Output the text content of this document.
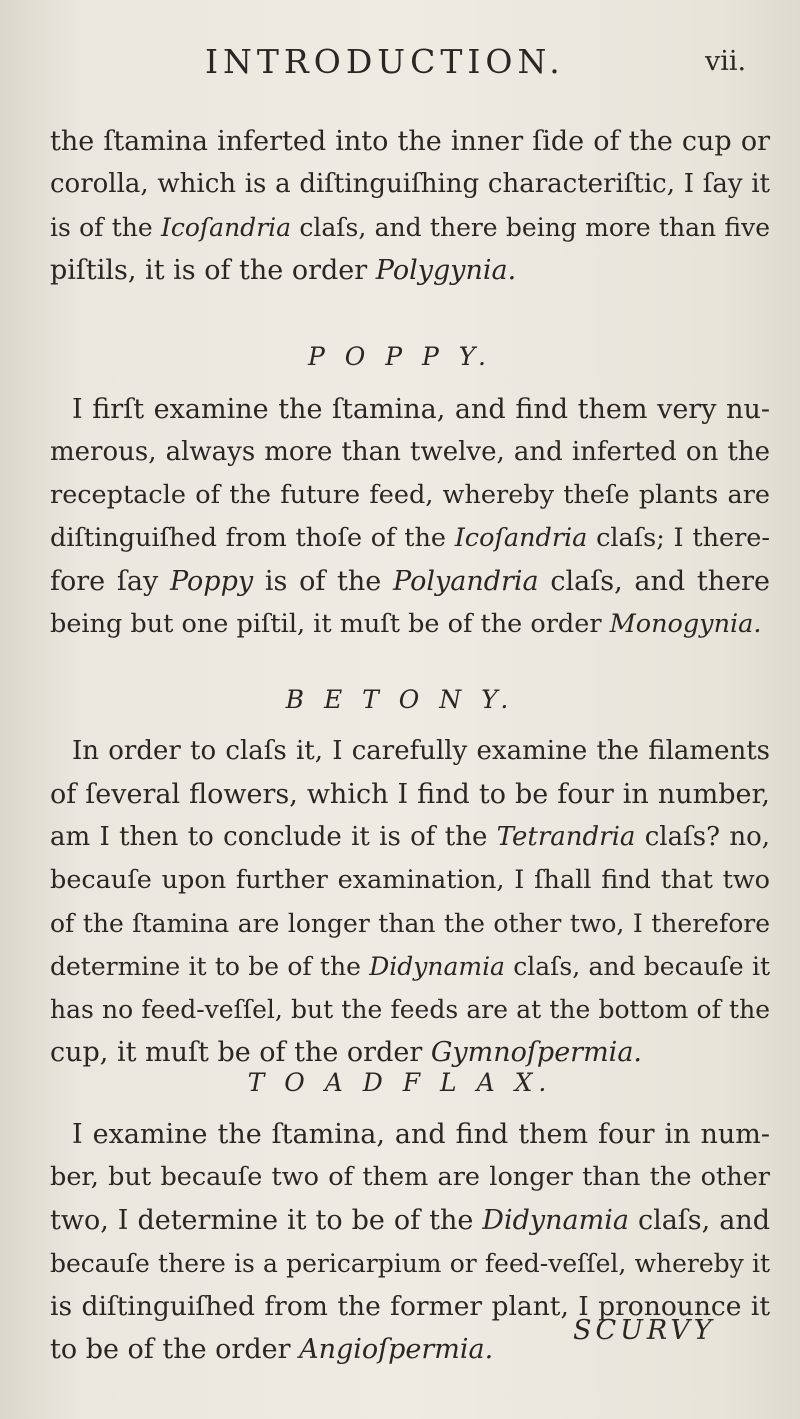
INTRODUCTION.	vii.
the ſtamina inferted into the inner ſide of the cup or
corolla, which is a diſtinguiſhing characteriſtic, I ſay it
is of the Icoſandria claſs, and there being more than five
piſtils, it is of the order Polygynia.
P O P P Y.
I firſt examine the ſtamina, and find them very nu-
merous, always more than twelve, and inferted on the
receptacle of the future feed, whereby theſe plants are
diſtinguiſhed from thoſe of the Icoſandria claſs; I there-
fore ſay Poppy is of the Polyandria claſs, and there
being but one piſtil, it muſt be of the order Monogynia.
B E T O N Y.
In order to claſs it, I carefully examine the filaments
of ſeveral flowers, which I find to be four in number,
am I then to conclude it is of the Tetrandria claſs? no,
becauſe upon further examination, I ſhall find that two
of the ſtamina are longer than the other two, I therefore
determine it to be of the Didynamia claſs, and becauſe it
has no feed-veſſel, but the feeds are at the bottom of the
cup, it muſt be of the order Gymnoſpermia.
T O A D F L A X.
I examine the ſtamina, and find them four in num-
ber, but becauſe two of them are longer than the other
two, I determine it to be of the Didynamia claſs, and
becauſe there is a pericarpium or feed-veſſel, whereby it
is diſtinguiſhed from the former plant, I pronounce it
to be of the order Angioſpermia.
SCURVY
